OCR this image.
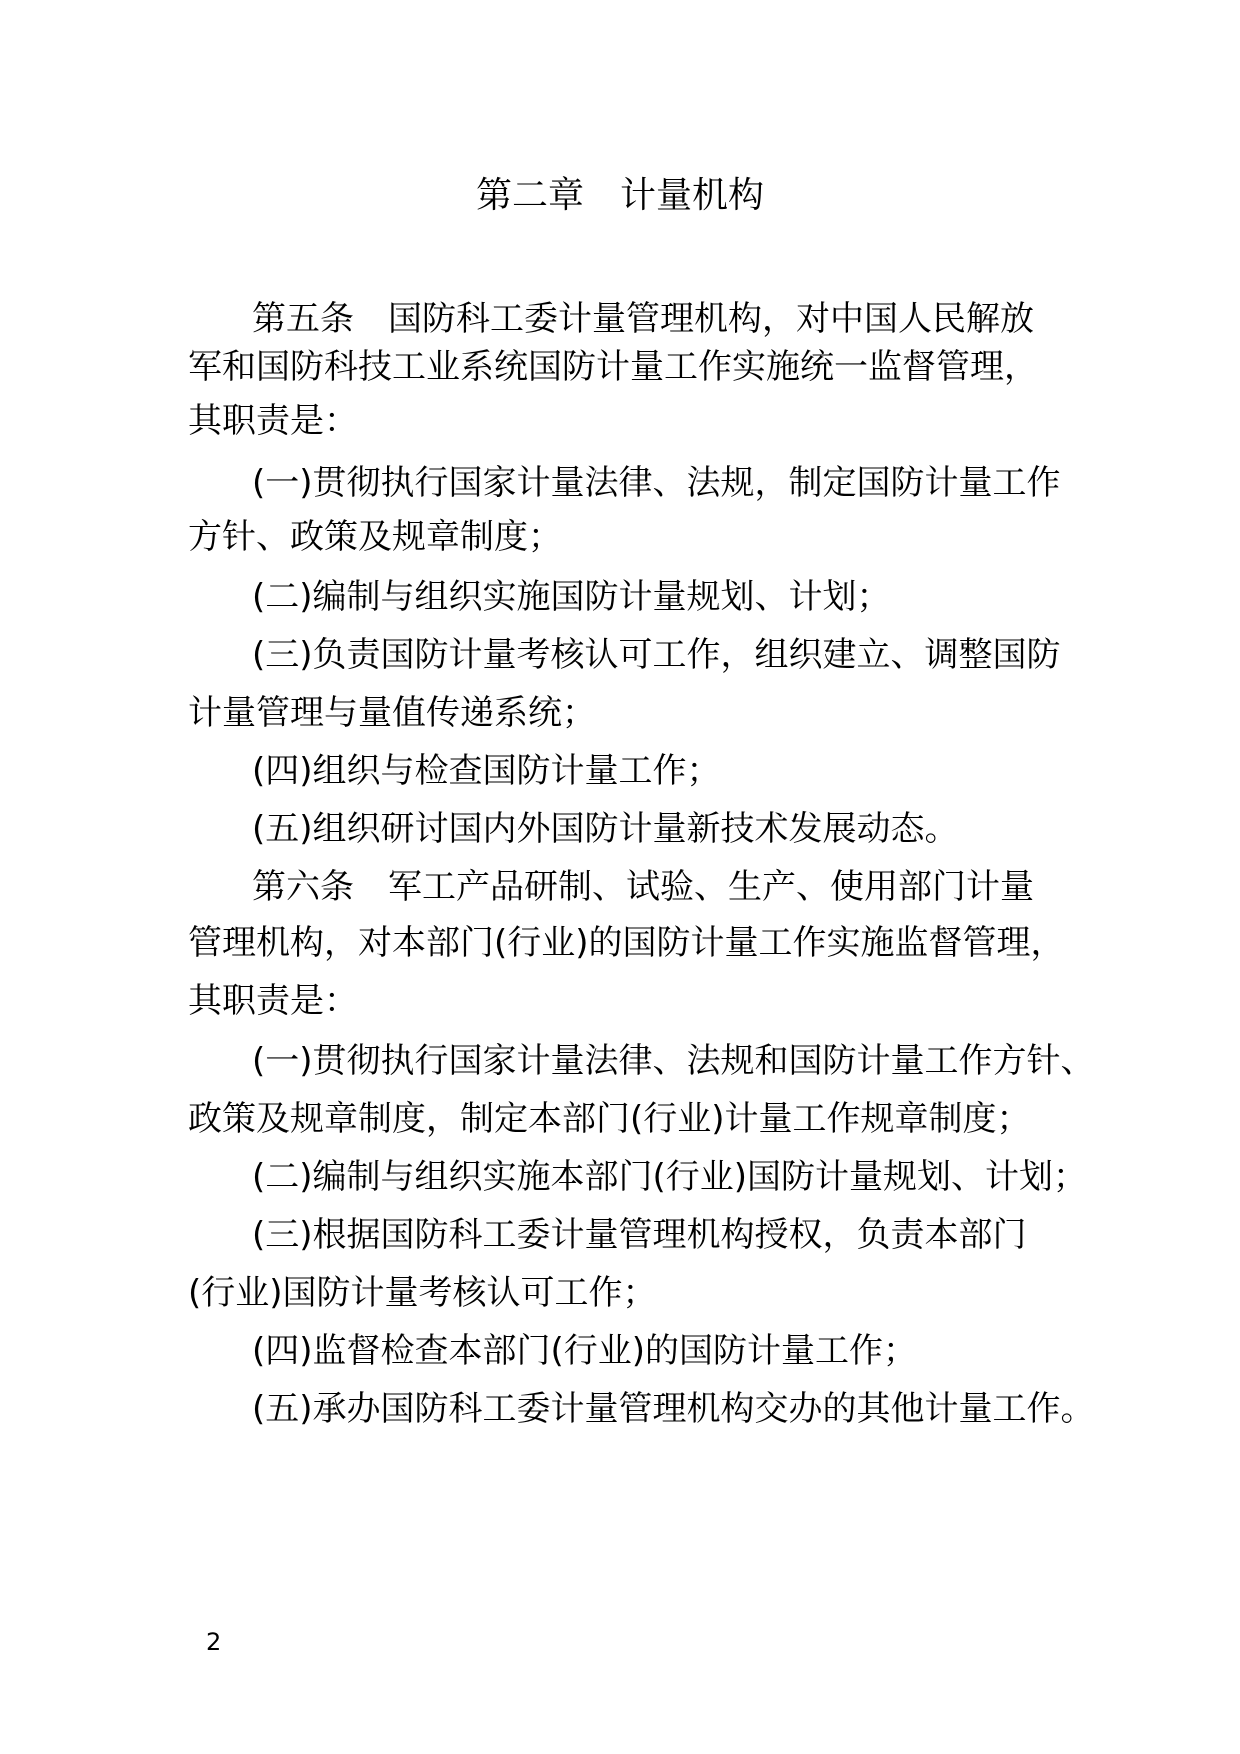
第二章　计量机构
第五条　国防科工委计量管理机构，对中国人民解放
军和国防科技工业系统国防计量工作实施统一监督管理，
其职责是：
(一)贯彻执行国家计量法律、法规，制定国防计量工作
方针、政策及规章制度；
(二)编制与组织实施国防计量规划、计划；
(三)负责国防计量考核认可工作，组织建立、调整国防
计量管理与量值传递系统；
(四)组织与检查国防计量工作；
(五)组织研讨国内外国防计量新技术发展动态。
第六条　军工产品研制、试验、生产、使用部门计量
管理机构，对本部门(行业)的国防计量工作实施监督管理，
其职责是：
(一)贯彻执行国家计量法律、法规和国防计量工作方针、
政策及规章制度，制定本部门(行业)计量工作规章制度；
(二)编制与组织实施本部门(行业)国防计量规划、计划；
(三)根据国防科工委计量管理机构授权，负责本部门
(行业)国防计量考核认可工作；
(四)监督检查本部门(行业)的国防计量工作；
(五)承办国防科工委计量管理机构交办的其他计量工作。
2
